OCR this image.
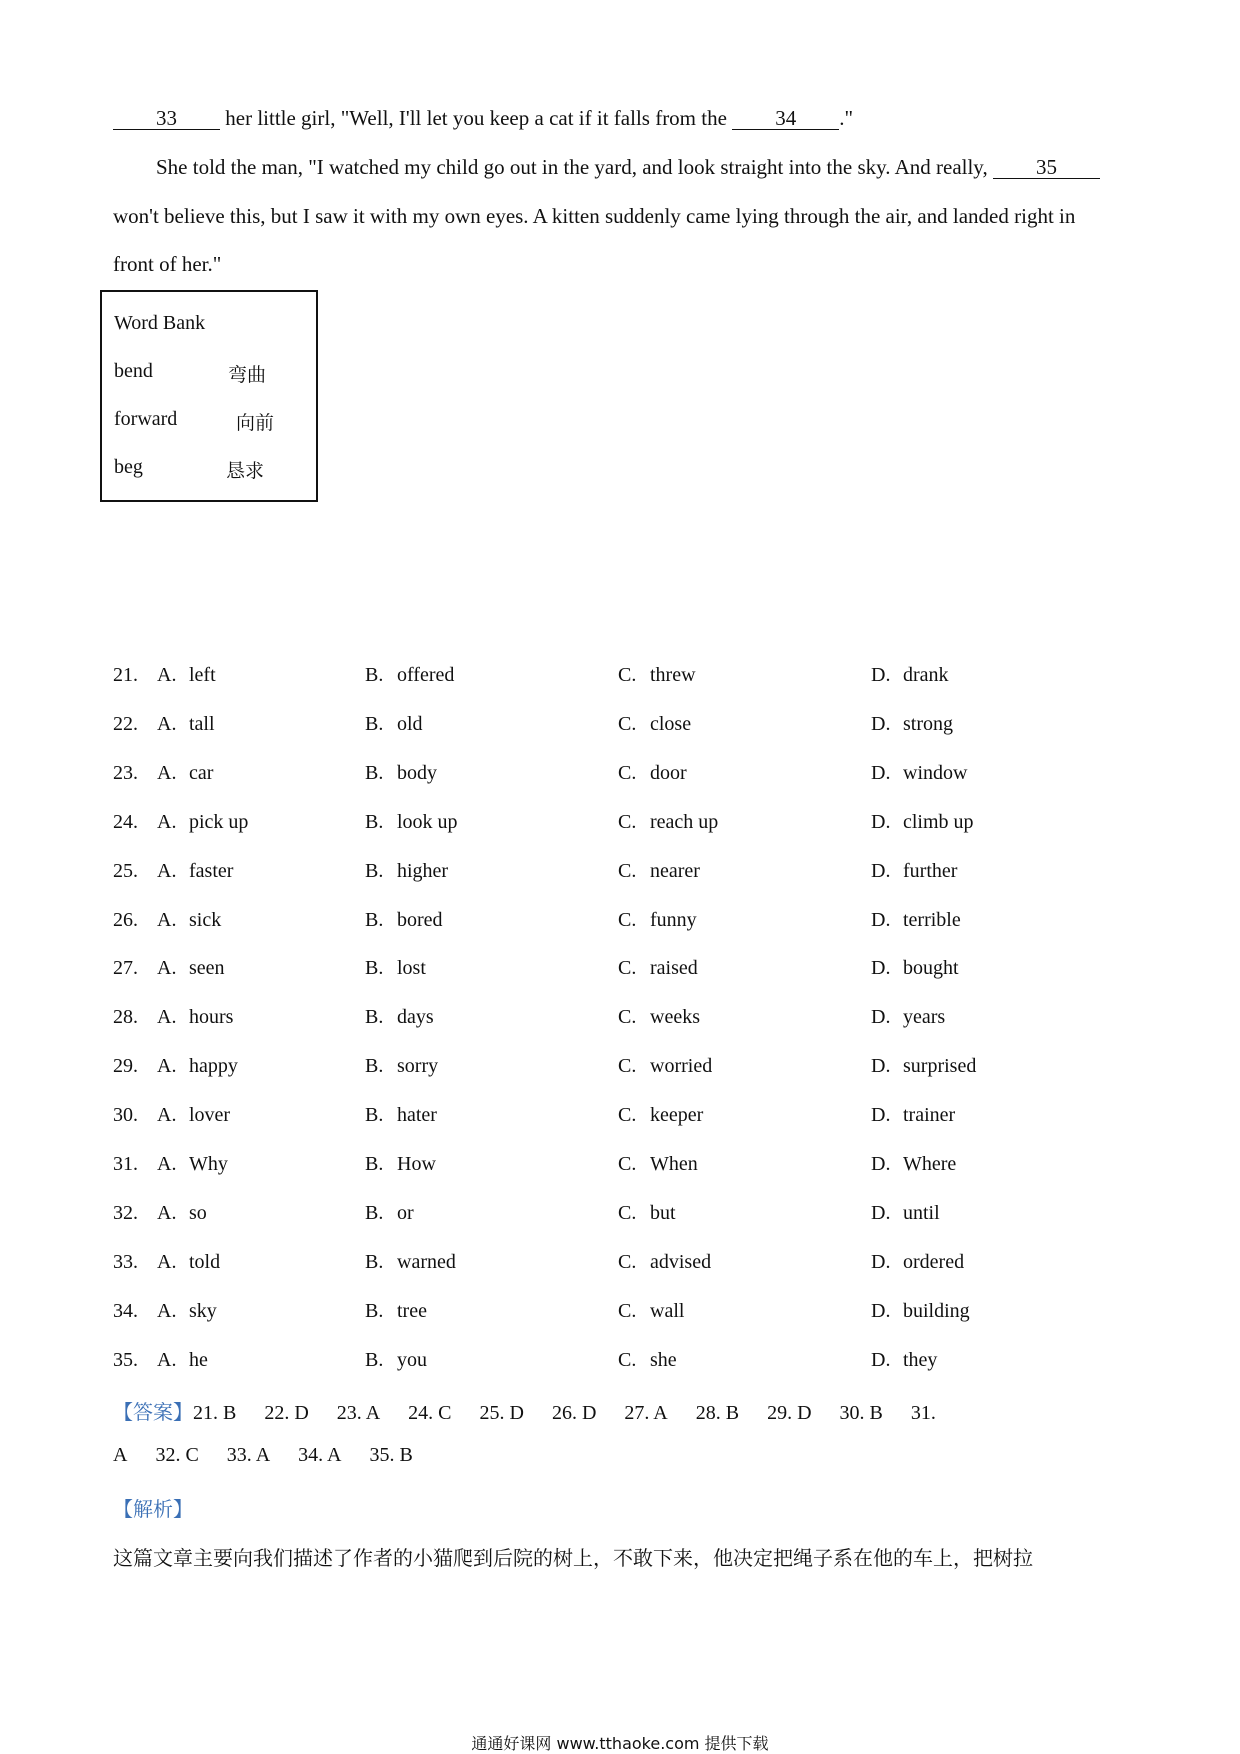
33 her little girl, "Well, I'll let you keep a cat if it falls from the 34 ."
She told the man, "I watched my child go out in the yard, and look straight into the sky. And really, 35
won't believe this, but I saw it with my own eyes. A kitten suddenly came lying through the air, and landed right in
front of her."
Word Bank
bend	弯曲
forward	向前
beg	恳求
21. A. left	B. offered	C. threw	D. drank
22. A. tall	B. old	C. close	D. strong
23. A. car	B. body	C. door	D. window
24. A. pick up	B. look up	C. reach up	D. climb up
25. A. faster	B. higher	C. nearer	D. further
26. A. sick	B. bored	C. funny	D. terrible
27. A. seen	B. lost	C. raised	D. bought
28. A. hours	B. days	C. weeks	D. years
29. A. happy	B. sorry	C. worried	D. surprised
30. A. lover	B. hater	C. keeper	D. trainer
31. A. Why	B. How	C. When	D. Where
32. A. so	B. or	C. but	D. until
33. A. told	B. warned	C. advised	D. ordered
34. A. sky	B. tree	C. wall	D. building
35. A. he	B. you	C. she	D. they
【答案】21. B 22. D 23. A 24. C 25. D 26. D 27. A 28. B 29. D 30. B 31.
A 32. C 33. A 34. A 35. B
【解析】
这篇文章主要向我们描述了作者的小猫爬到后院的树上，不敢下来，他决定把绳子系在他的车上，把树拉
通通好课网 www.tthaoke.com 提供下载
